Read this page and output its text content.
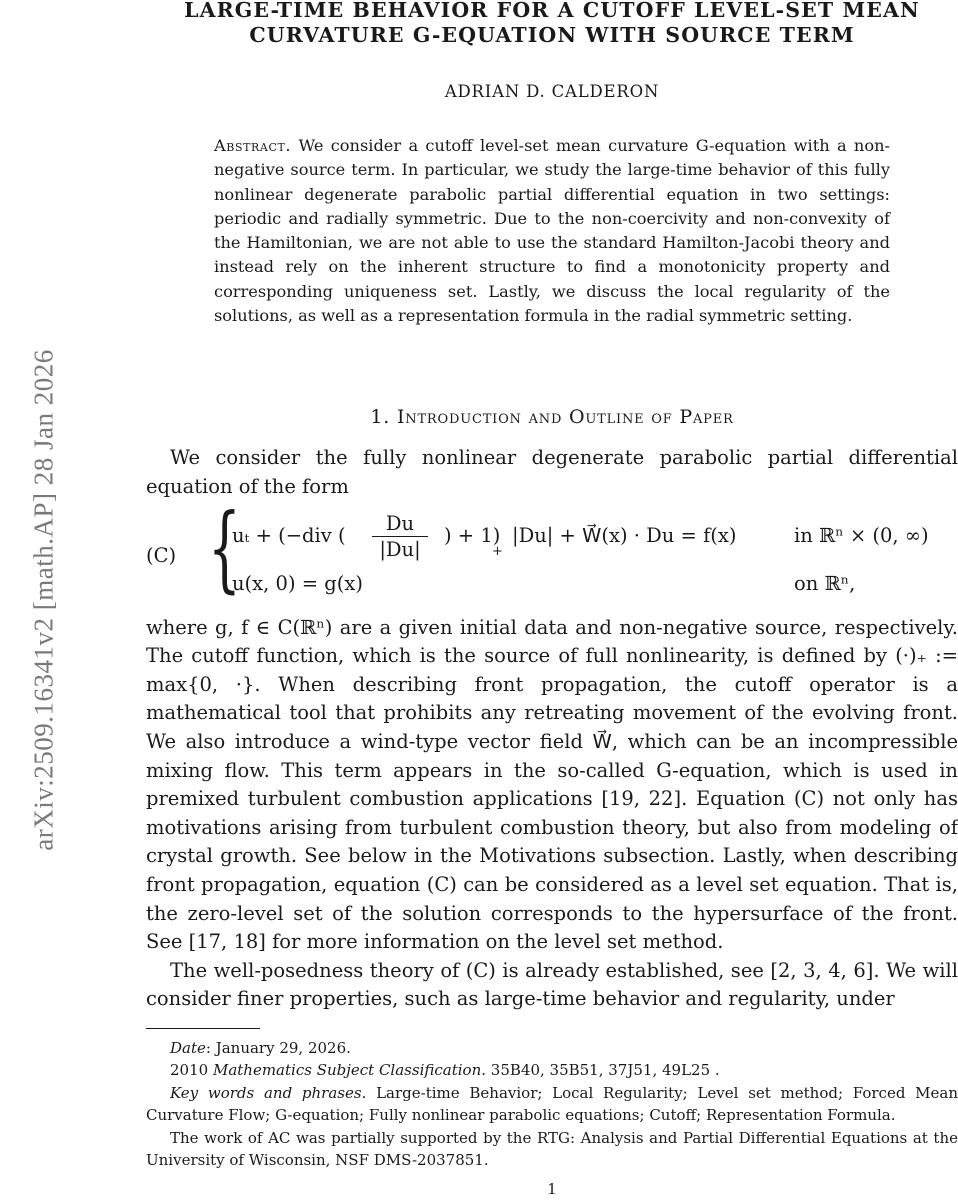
arXiv:2509.16341v2 [math.AP] 28 Jan 2026
LARGE-TIME BEHAVIOR FOR A CUTOFF LEVEL-SET MEAN
CURVATURE G-EQUATION WITH SOURCE TERM
ADRIAN D. CALDERON
Abstract. We consider a cutoff level-set mean curvature G-equation with a non-negative source term. In particular, we study the large-time behavior of this fully nonlinear degenerate parabolic partial differential equation in two settings: periodic and radially symmetric. Due to the non-coercivity and non-convexity of the Hamiltonian, we are not able to use the standard Hamilton-Jacobi theory and instead rely on the inherent structure to find a monotonicity property and corresponding uniqueness set. Lastly, we discuss the local regularity of the solutions, as well as a representation formula in the radial symmetric setting.
1. Introduction and Outline of Paper
We consider the fully nonlinear degenerate parabolic partial differential equation of the form
(C) {
uₜ + (−div ( $\frac{Du}{|Du|}$ ) + 1)
+
|Du| + W⃗(x) · Du = f(x)	in ℝⁿ × (0, ∞)
u(x, 0) = g(x)	on ℝⁿ,
where g, f ∈ C(ℝⁿ) are a given initial data and non-negative source, respectively. The cutoff function, which is the source of full nonlinearity, is defined by (·)₊ := max{0, ·}. When describing front propagation, the cutoff operator is a mathematical tool that prohibits any retreating movement of the evolving front. We also introduce a wind-type vector field W⃗, which can be an incompressible mixing flow. This term appears in the so-called G-equation, which is used in premixed turbulent combustion applications [19, 22]. Equation (C) not only has motivations arising from turbulent combustion theory, but also from modeling of crystal growth. See below in the Motivations subsection. Lastly, when describing front propagation, equation (C) can be considered as a level set equation. That is, the zero-level set of the solution corresponds to the hypersurface of the front. See [17, 18] for more information on the level set method.
The well-posedness theory of (C) is already established, see [2, 3, 4, 6]. We will consider finer properties, such as large-time behavior and regularity, under
Date: January 29, 2026.
2010 Mathematics Subject Classification. 35B40, 35B51, 37J51, 49L25 .
Key words and phrases. Large-time Behavior; Local Regularity; Level set method; Forced Mean Curvature Flow; G-equation; Fully nonlinear parabolic equations; Cutoff; Representation Formula.
The work of AC was partially supported by the RTG: Analysis and Partial Differential Equations at the University of Wisconsin, NSF DMS-2037851.
1
